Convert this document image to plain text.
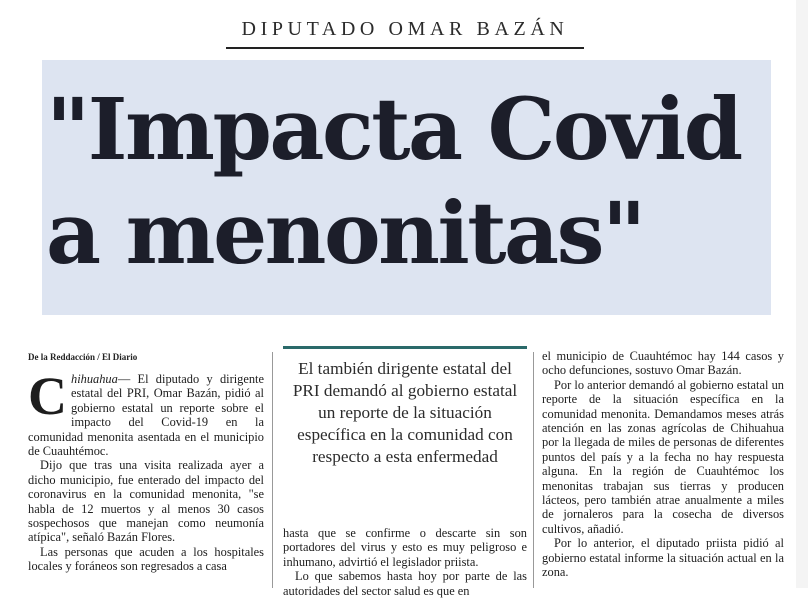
DIPUTADO OMAR BAZÁN
"Impacta Covid
a menonitas"
De la Reddacción / El Diario

Chihuahua— El diputado y dirigente estatal del PRI, Omar Bazán, pidió al gobierno estatal un reporte sobre el impacto del Covid-19 en la comunidad menonita asentada en el municipio de Cuauhtémoc.

Dijo que tras una visita realizada ayer a dicho municipio, fue enterado del impacto del coronavirus en la comunidad menonita, "se habla de 12 muertos y al menos 30 casos sospechosos que manejan como neumonía atípica", señaló Bazán Flores.

Las personas que acuden a los hospitales locales y foráneos son regresados a casa

El también dirigente estatal del PRI demandó al gobierno estatal un reporte de la situación específica en la comunidad con respecto a esta enfermedad

hasta que se confirme o descarte sin son portadores del virus y esto es muy peligroso e inhumano, advirtió el legislador priista.

Lo que sabemos hasta hoy por parte de las autoridades del sector salud es que en

el municipio de Cuauhtémoc hay 144 casos y ocho defunciones, sostuvo Omar Bazán.

Por lo anterior demandó al gobierno estatal un reporte de la situación específica en la comunidad menonita. Demandamos meses atrás atención en las zonas agrícolas de Chihuahua por la llegada de miles de personas de diferentes puntos del país y a la fecha no hay respuesta alguna. En la región de Cuauhtémoc los menonitas trabajan sus tierras y producen lácteos, pero también atrae anualmente a miles de jornaleros para la cosecha de diversos cultivos, añadió.

Por lo anterior, el diputado priista pidió al gobierno estatal informe la situación actual en la zona.
